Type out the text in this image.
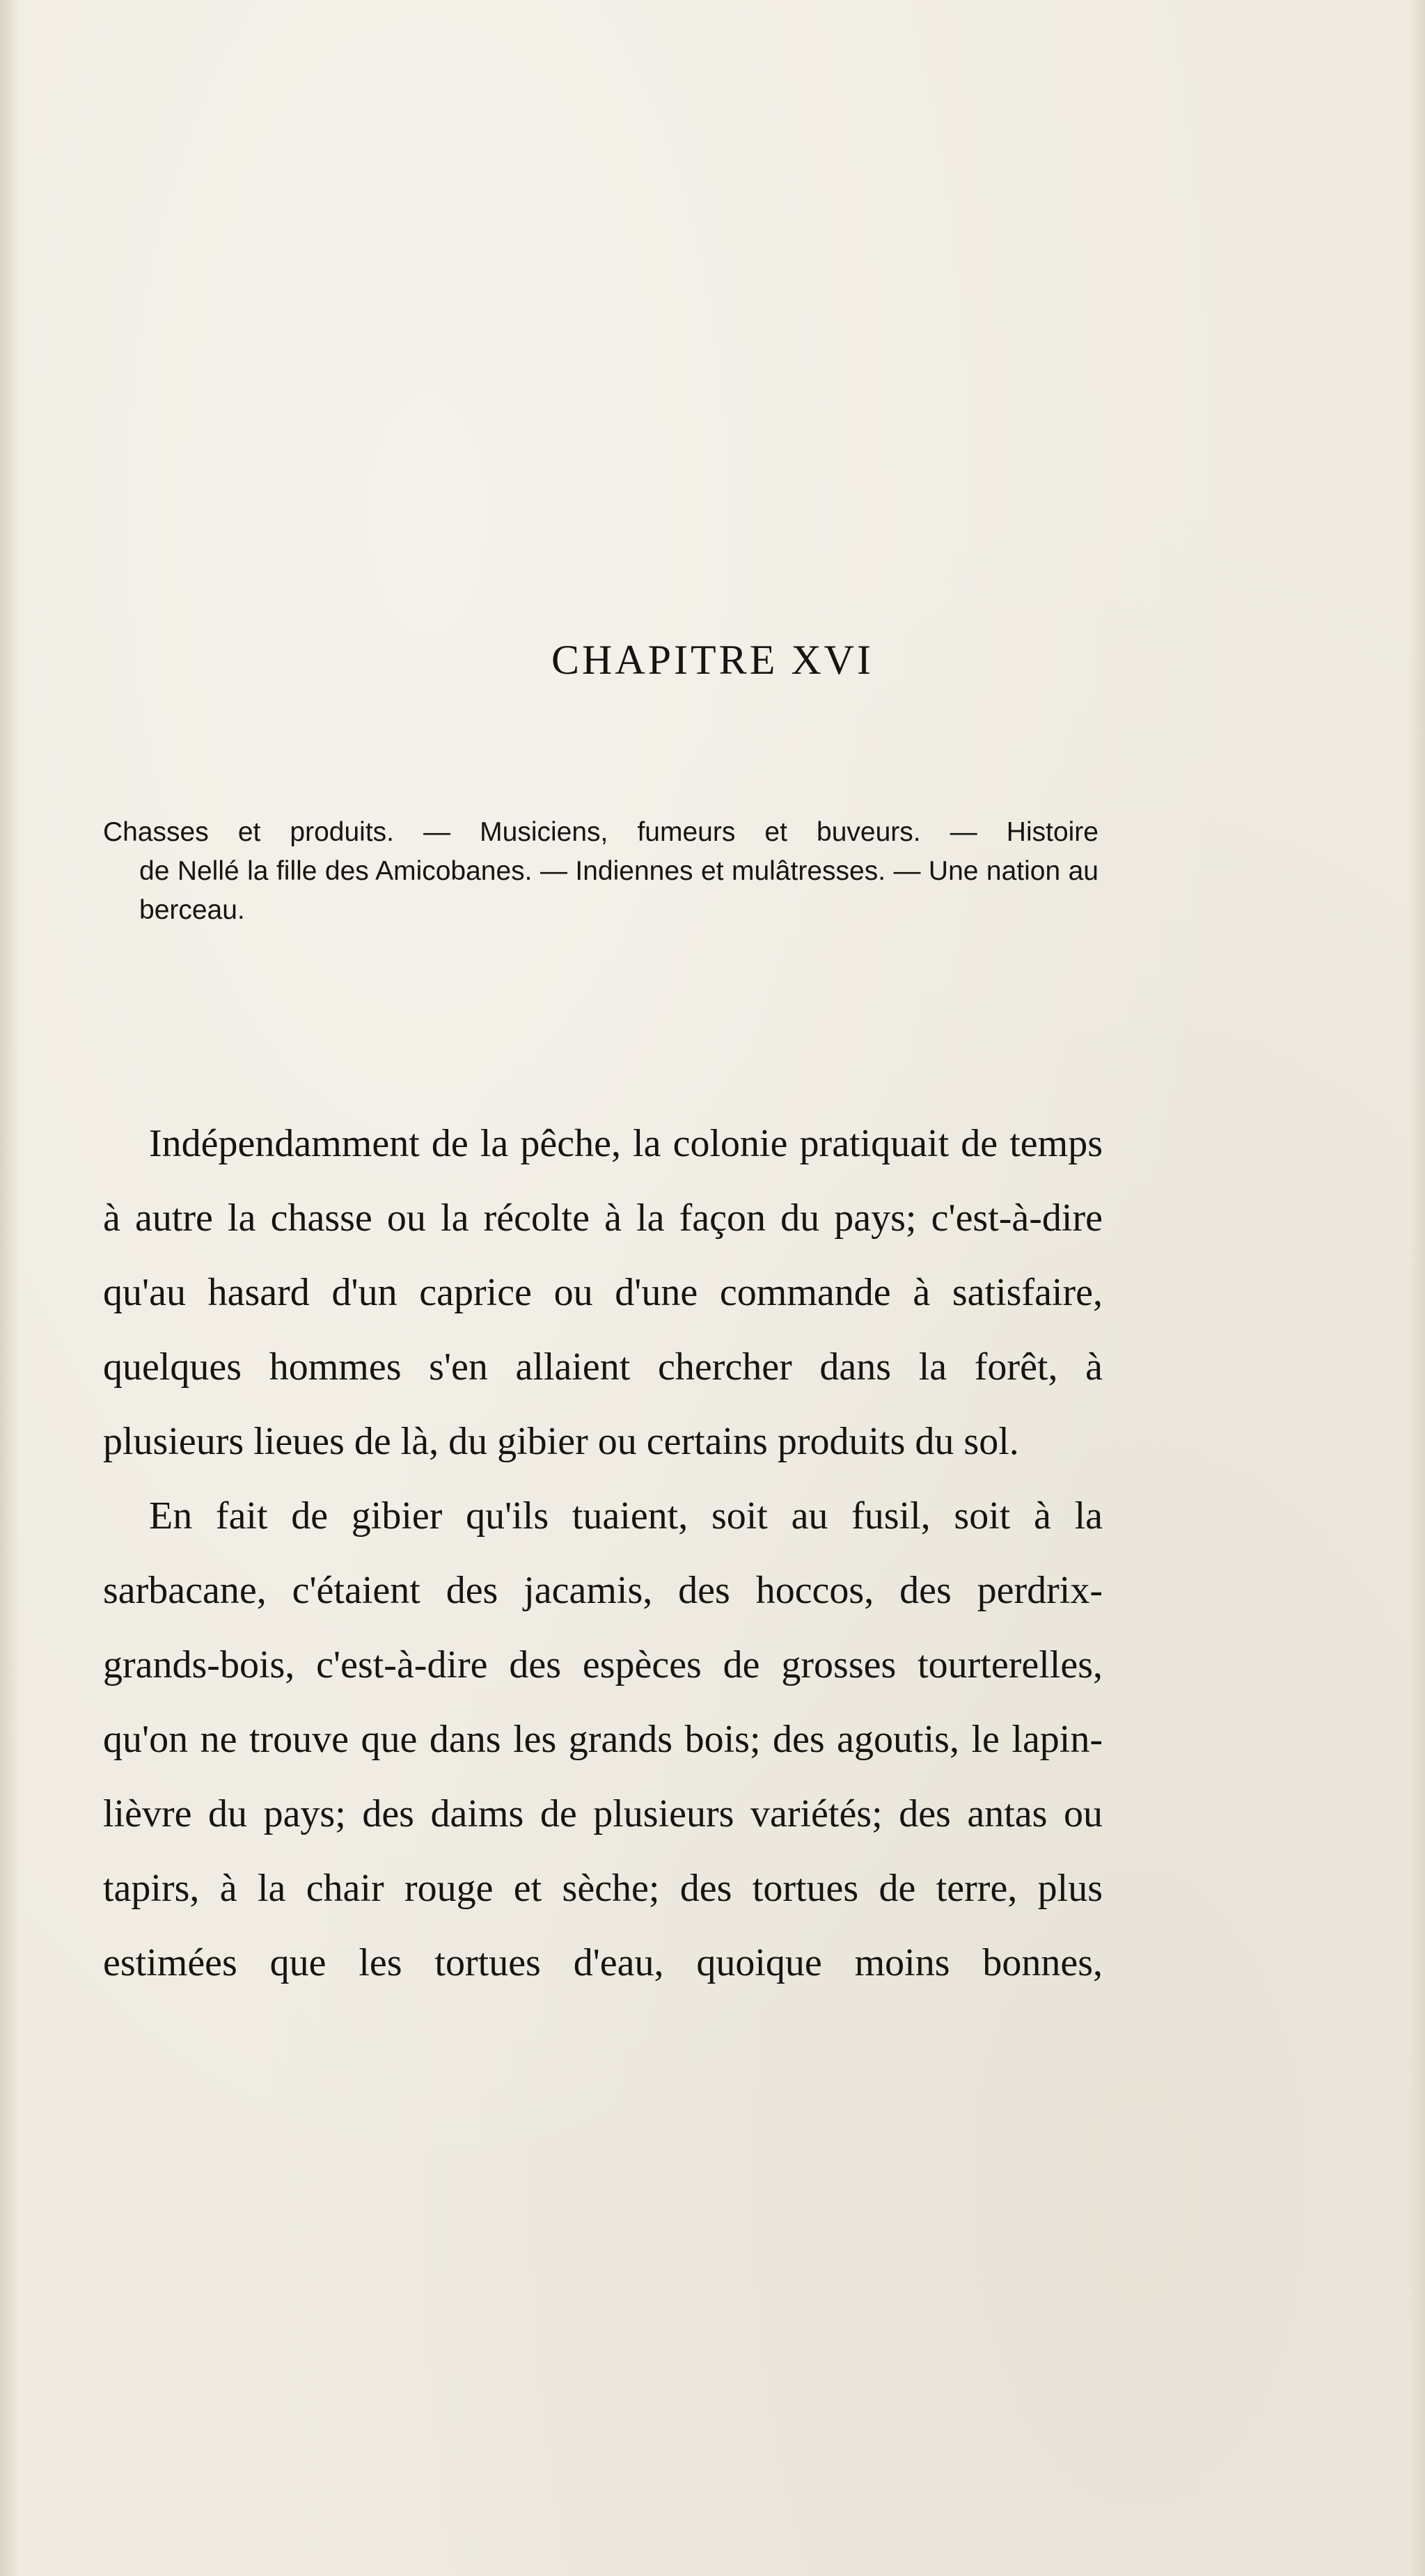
CHAPITRE XVI

Chasses et produits. — Musiciens, fumeurs et buveurs. — Histoire

de Nellé la fille des Amicobanes. — Indiennes et mulâtresses. — Une nation au berceau.

Indépendamment de la pêche, la colonie pratiquait de temps à autre la chasse ou la récolte à la façon du pays; c'est-à-dire qu'au hasard d'un caprice ou d'une commande à satisfaire, quelques hommes s'en allaient chercher dans la forêt, à plusieurs lieues de là, du gibier ou certains produits du sol.

En fait de gibier qu'ils tuaient, soit au fusil, soit à la sarbacane, c'étaient des jacamis, des hoccos, des perdrix-grands-bois, c'est-à-dire des espèces de grosses tourterelles, qu'on ne trouve que dans les grands bois; des agoutis, le lapin-lièvre du pays; des daims de plusieurs variétés; des antas ou tapirs, à la chair rouge et sèche; des tortues de terre, plus estimées que les tortues d'eau, quoique moins bonnes,
